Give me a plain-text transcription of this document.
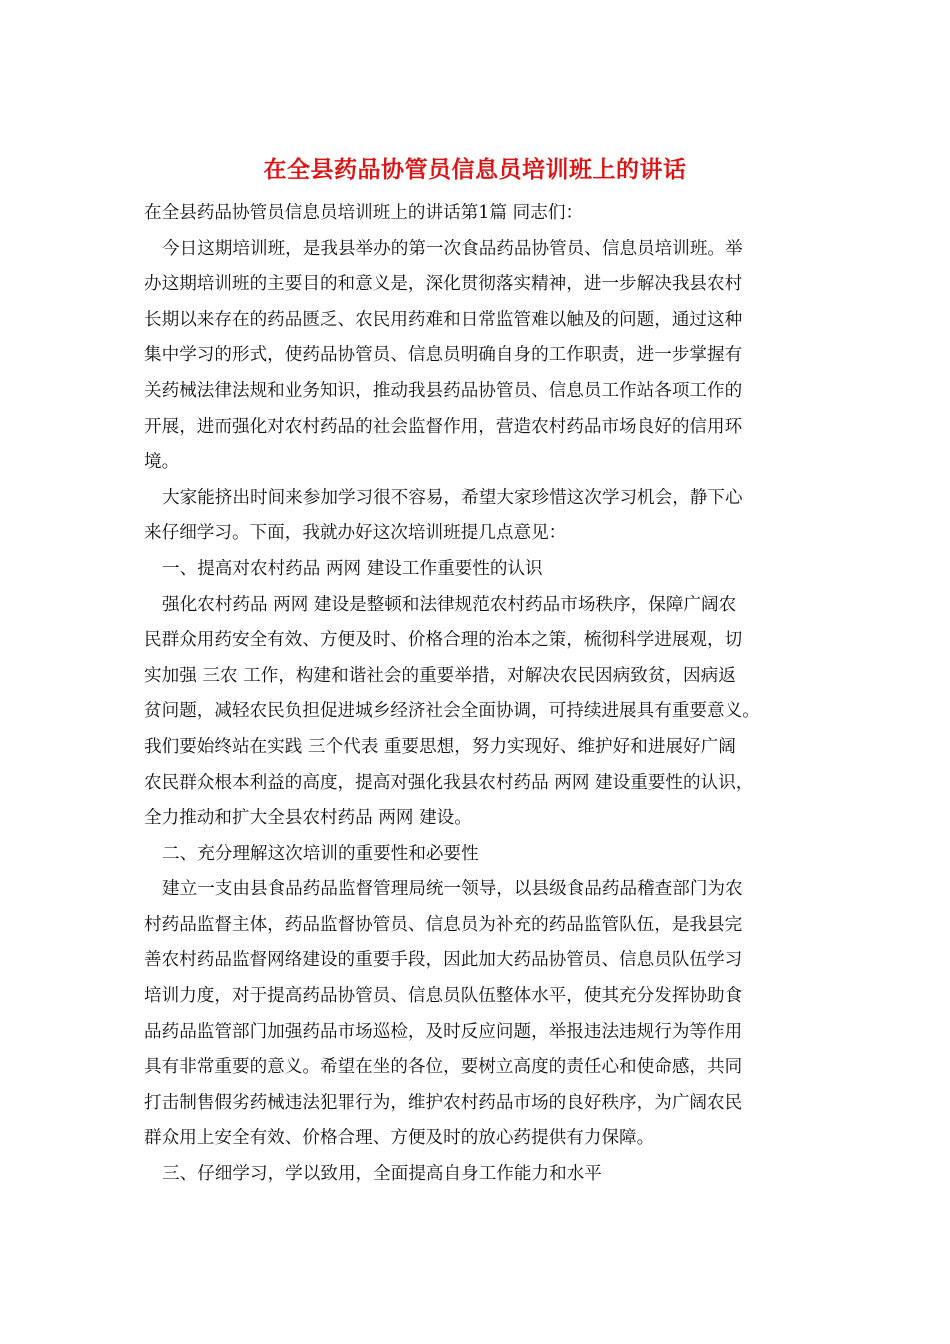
在全县药品协管员信息员培训班上的讲话
在全县药品协管员信息员培训班上的讲话第1篇 同志们：
今日这期培训班，是我县举办的第一次食品药品协管员、信息员培训班。举
办这期培训班的主要目的和意义是，深化贯彻落实精神，进一步解决我县农村
长期以来存在的药品匮乏、农民用药难和日常监管难以触及的问题，通过这种
集中学习的形式，使药品协管员、信息员明确自身的工作职责，进一步掌握有
关药械法律法规和业务知识，推动我县药品协管员、信息员工作站各项工作的
开展，进而强化对农村药品的社会监督作用，营造农村药品市场良好的信用环
境。
大家能挤出时间来参加学习很不容易，希望大家珍惜这次学习机会，静下心
来仔细学习。下面，我就办好这次培训班提几点意见：
一、提高对农村药品 两网 建设工作重要性的认识
强化农村药品 两网 建设是整顿和法律规范农村药品市场秩序，保障广阔农
民群众用药安全有效、方便及时、价格合理的治本之策，梳彻科学进展观，切
实加强 三农 工作，构建和谐社会的重要举措，对解决农民因病致贫，因病返
贫问题，减轻农民负担促进城乡经济社会全面协调，可持续进展具有重要意义。
我们要始终站在实践 三个代表 重要思想，努力实现好、维护好和进展好广阔
农民群众根本利益的高度，提高对强化我县农村药品 两网 建设重要性的认识，
全力推动和扩大全县农村药品 两网 建设。
二、充分理解这次培训的重要性和必要性
建立一支由县食品药品监督管理局统一领导，以县级食品药品稽查部门为农
村药品监督主体，药品监督协管员、信息员为补充的药品监管队伍，是我县完
善农村药品监督网络建设的重要手段，因此加大药品协管员、信息员队伍学习
培训力度，对于提高药品协管员、信息员队伍整体水平，使其充分发挥协助食
品药品监管部门加强药品市场巡检，及时反应问题，举报违法违规行为等作用
具有非常重要的意义。希望在坐的各位，要树立高度的责任心和使命感，共同
打击制售假劣药械违法犯罪行为，维护农村药品市场的良好秩序，为广阔农民
群众用上安全有效、价格合理、方便及时的放心药提供有力保障。
三、仔细学习，学以致用，全面提高自身工作能力和水平
